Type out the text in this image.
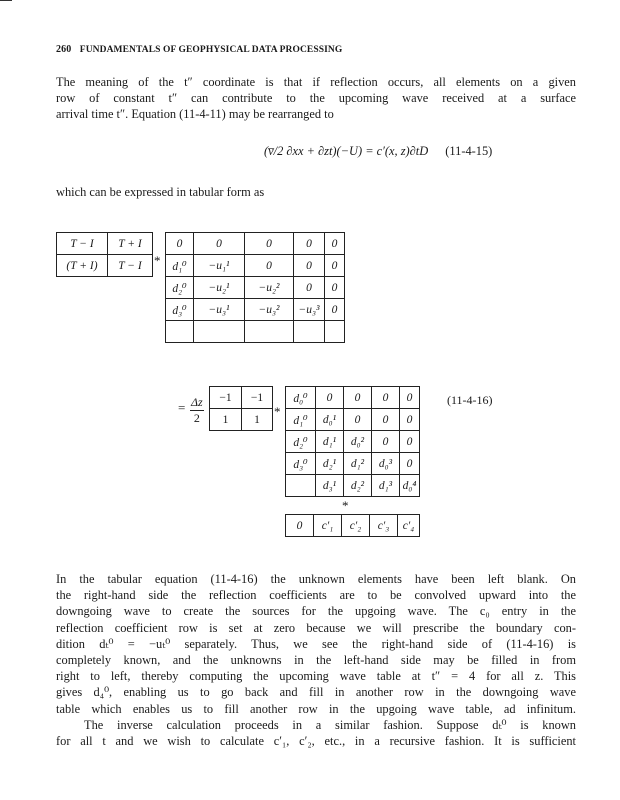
260 FUNDAMENTALS OF GEOPHYSICAL DATA PROCESSING
The meaning of the t″ coordinate is that if reflection occurs, all elements on a given
row of constant t″ can contribute to the upcoming wave received at a surface
arrival time t″. Equation (11-4-11) may be rearranged to
(v̅/2 ∂xx + ∂zt)(−U) = c′(x, z)∂tD (11-4-15)
which can be expressed in tabular form as
T − I	T + I
(T + I)	T − I *
0	0	0	0	0
d₁⁰	−u₁¹	0	0	0
d₂⁰	−u₂¹	−u₂²	0	0
d₃⁰	−u₃¹	−u₃²	−u₃³	0

= $\frac{\Delta z}{2} -1$	−1
1	1
*
d₀⁰	0	0	0	0
d₁⁰	d₀¹	0	0	0
d₂⁰	d₁¹	d₀²	0	0
d₃⁰	d₂¹	d₁²	d₀³	0
	d₃¹	d₂²	d₁³	d₀⁴
(11-4-16)
*
0	c′₁	c′₂	c′₃	c′₄
In the tabular equation (11-4-16) the unknown elements have been left blank. On
the right-hand side the reflection coefficients are to be convolved upward into the
downgoing wave to create the sources for the upgoing wave. The c₀ entry in the
reflection coefficient row is set at zero because we will prescribe the boundary con-
dition dₜ⁰ = −uₜ⁰ separately. Thus, we see the right-hand side of (11-4-16) is
completely known, and the unknowns in the left-hand side may be filled in from
right to left, thereby computing the upcoming wave table at t″ = 4 for all z. This
gives d₄⁰, enabling us to go back and fill in another row in the downgoing wave
table which enables us to fill another row in the upgoing wave table, ad infinitum.
The inverse calculation proceeds in a similar fashion. Suppose dₜ⁰ is known
for all t and we wish to calculate c′₁, c′₂, etc., in a recursive fashion. It is sufficient
